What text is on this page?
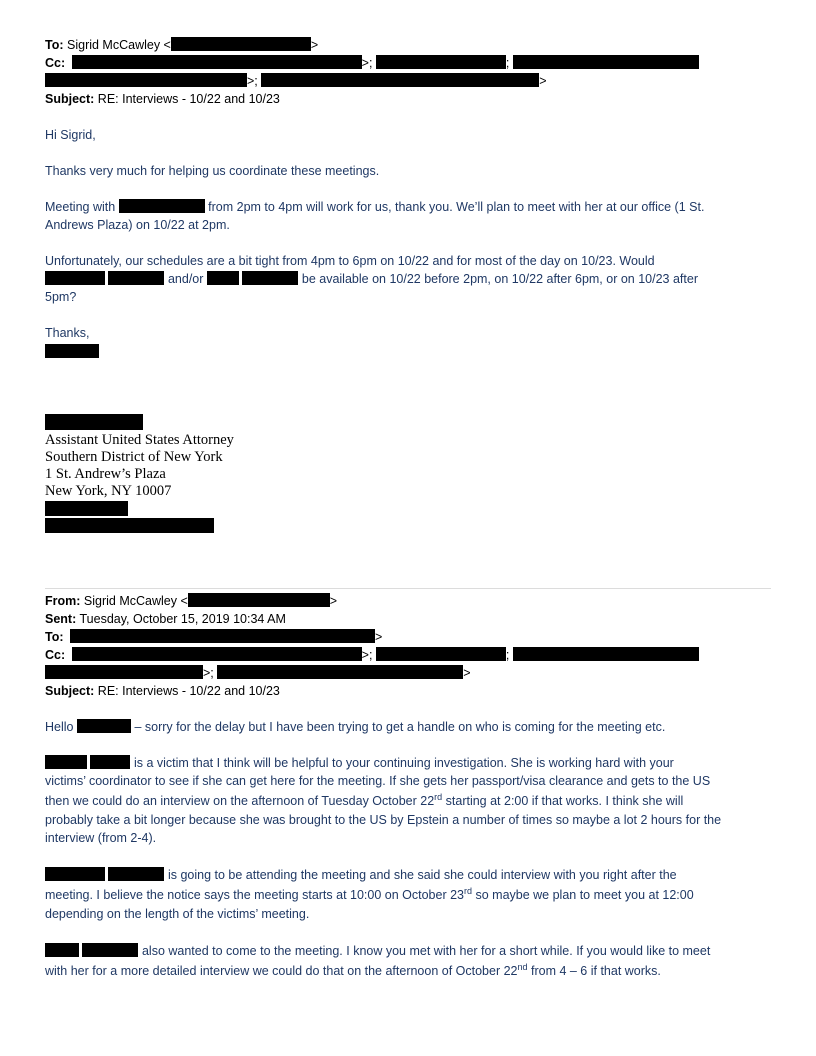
To: Sigrid McCawley <	>
Cc:	>;	;
>;	>
Subject: RE: Interviews - 10/22 and 10/23

Hi Sigrid,

Thanks very much for helping us coordinate these meetings.

Meeting with	from 2pm to 4pm will work for us, thank you. We’ll plan to meet with her at our office (1 St.

Andrews Plaza) on 10/22 at 2pm.

Unfortunately, our schedules are a bit tight from 4pm to 6pm on 10/22 and for most of the day on 10/23. Would

and/or	be available on 10/22 before 2pm, on 10/22 after 6pm, or on 10/23 after

5pm?

Thanks,

Assistant United States Attorney
Southern District of New York
1 St. Andrew’s Plaza
New York, NY 10007
From: Sigrid McCawley <	>
Sent: Tuesday, October 15, 2019 10:34 AM
To:	>
Cc:	>;	;
>;	>
Subject: RE: Interviews - 10/22 and 10/23

Hello	– sorry for the delay but I have been trying to get a handle on who is coming for the meeting etc.

is a victim that I think will be helpful to your continuing investigation. She is working hard with your

victims’ coordinator to see if she can get here for the meeting. If she gets her passport/visa clearance and gets to the US

then we could do an interview on the afternoon of Tuesday October 22rd starting at 2:00 if that works. I think she will

probably take a bit longer because she was brought to the US by Epstein a number of times so maybe a lot 2 hours for the

interview (from 2-4).

is going to be attending the meeting and she said she could interview with you right after the

meeting. I believe the notice says the meeting starts at 10:00 on October 23rd so maybe we plan to meet you at 12:00

depending on the length of the victims’ meeting.

also wanted to come to the meeting. I know you met with her for a short while. If you would like to meet

with her for a more detailed interview we could do that on the afternoon of October 22nd from 4 – 6 if that works.
